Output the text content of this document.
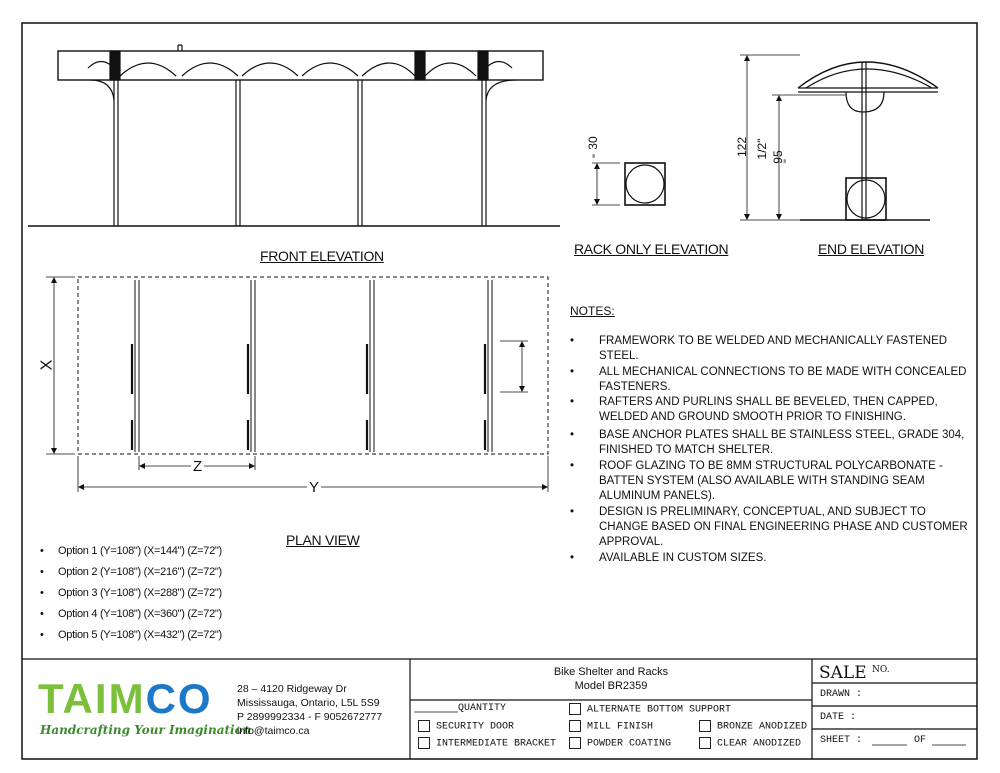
FRONT ELEVATION	RACK ONLY ELEVATION	END ELEVATION
PLAN VIEW
30
"	122 1/2" 95
"
X
Z
Y
• Option 1 (Y=108") (X=144") (Z=72")
• Option 2 (Y=108") (X=216") (Z=72")
• Option 3 (Y=108") (X=288") (Z=72")
• Option 4 (Y=108") (X=360") (Z=72")
• Option 5 (Y=108") (X=432") (Z=72")
NOTES:
• FRAMEWORK TO BE WELDED AND MECHANICALLY FASTENED STEEL.
• ALL MECHANICAL CONNECTIONS TO BE MADE WITH CONCEALED FASTENERS.
• RAFTERS AND PURLINS SHALL BE BEVELED, THEN CAPPED, WELDED AND GROUND SMOOTH PRIOR TO FINISHING.
• BASE ANCHOR PLATES SHALL BE STAINLESS STEEL, GRADE 304, FINISHED TO MATCH SHELTER.
• ROOF GLAZING TO BE 8MM STRUCTURAL POLYCARBONATE - BATTEN SYSTEM (ALSO AVAILABLE WITH STANDING SEAM ALUMINUM PANELS).
• DESIGN IS PRELIMINARY, CONCEPTUAL, AND SUBJECT TO CHANGE BASED ON FINAL ENGINEERING PHASE AND CUSTOMER APPROVAL.
• AVAILABLE IN CUSTOM SIZES.
TAIMCO
Handcrafting Your Imagination
28 – 4120 Ridgeway Dr
Mississauga, Ontario, L5L 5S9
P 2899992334 - F 9052672777
info@taimco.ca
Bike Shelter and Racks
Model BR2359
QUANTITY	ALTERNATE BOTTOM SUPPORT
SECURITY DOOR	MILL FINISH	BRONZE ANODIZED
INTERMEDIATE BRACKET	POWDER COATING	CLEAR ANODIZED
SALE NO.
DRAWN :
DATE :
SHEET :	OF
